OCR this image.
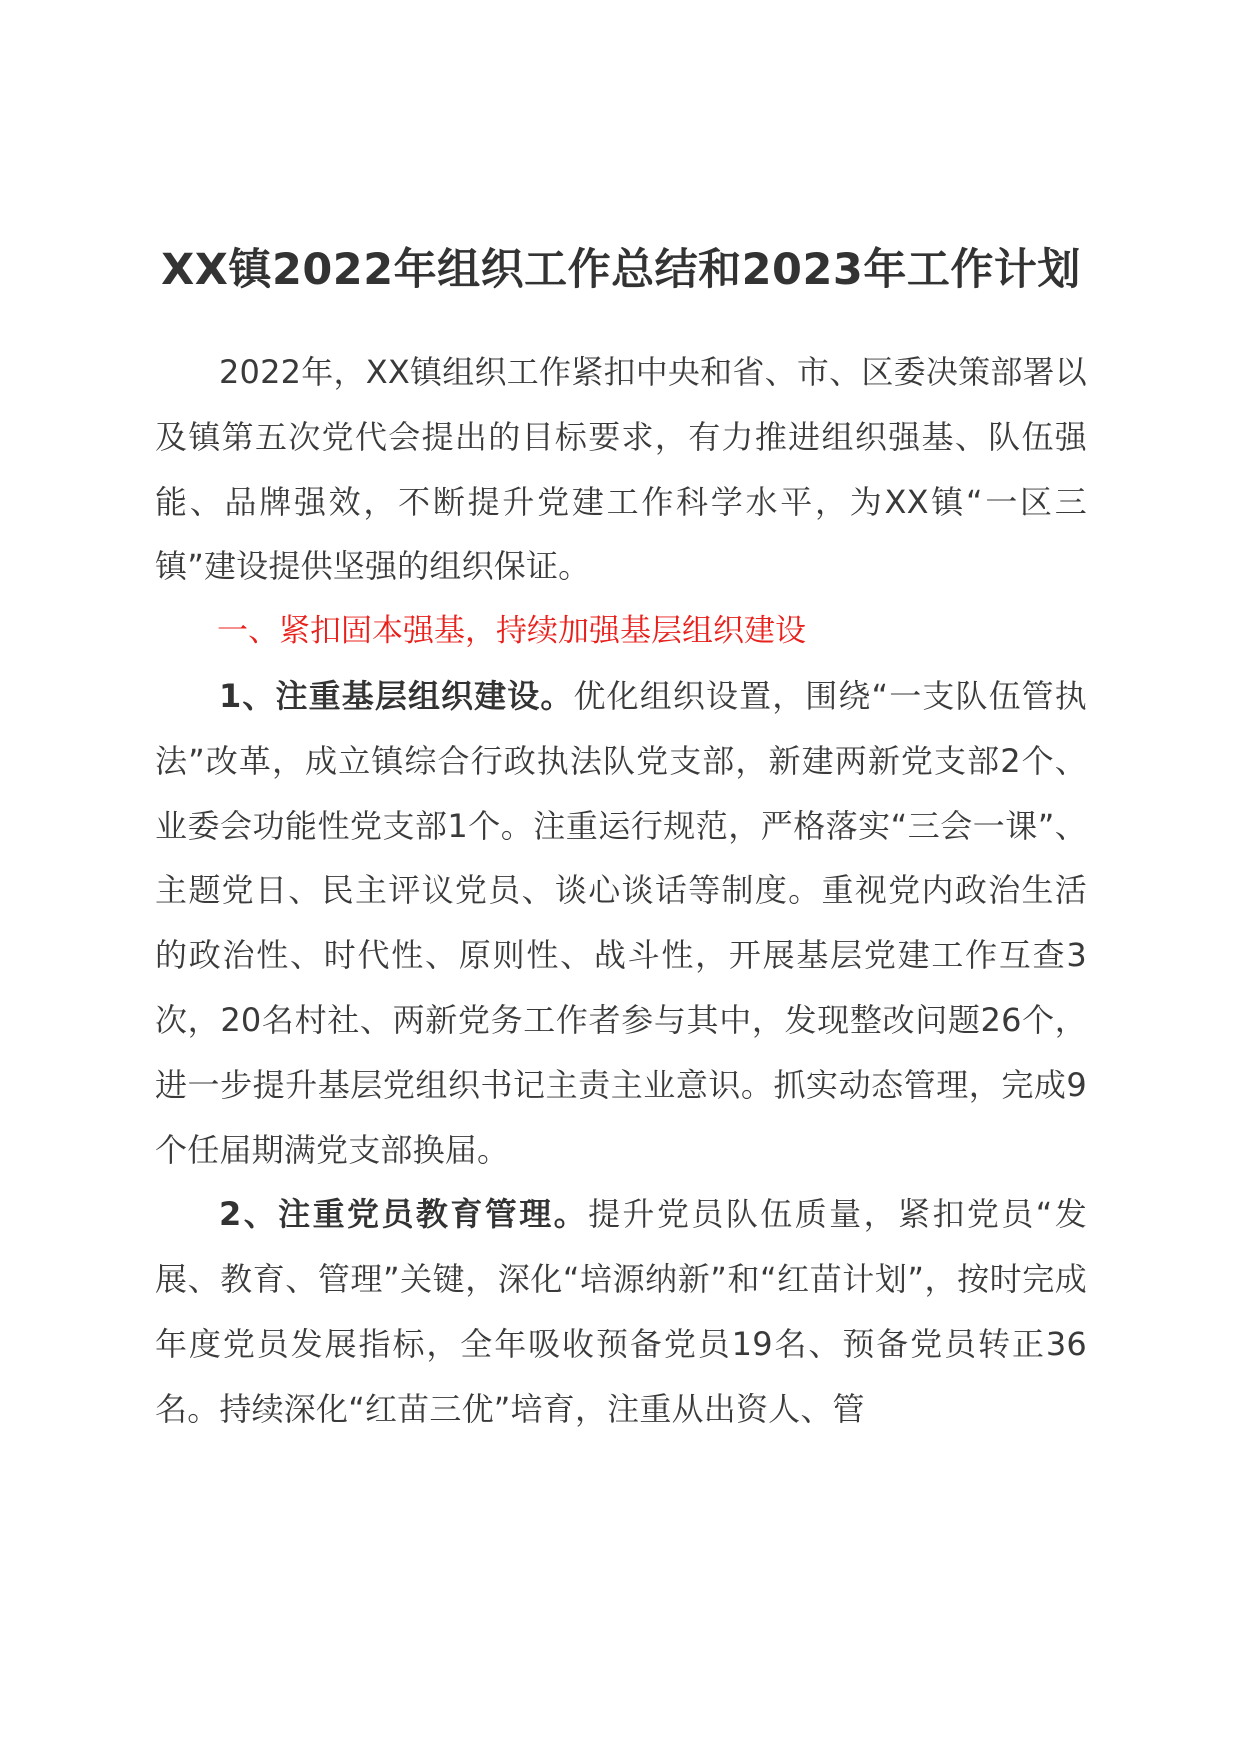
XX镇2022年组织工作总结和2023年工作计划

2022年，XX镇组织工作紧扣中央和省、市、区委决策部署以及镇第五次党代会提出的目标要求，有力推进组织强基、队伍强能、品牌强效，不断提升党建工作科学水平，为XX镇“一区三镇”建设提供坚强的组织保证。

一、紧扣固本强基，持续加强基层组织建设

1、注重基层组织建设。优化组织设置，围绕“一支队伍管执法”改革，成立镇综合行政执法队党支部，新建两新党支部2个、业委会功能性党支部1个。注重运行规范，严格落实“三会一课”、主题党日、民主评议党员、谈心谈话等制度。重视党内政治生活的政治性、时代性、原则性、战斗性，开展基层党建工作互查3次，20名村社、两新党务工作者参与其中，发现整改问题26个，进一步提升基层党组织书记主责主业意识。抓实动态管理，完成9个任届期满党支部换届。

2、注重党员教育管理。提升党员队伍质量，紧扣党员“发展、教育、管理”关键，深化“培源纳新”和“红苗计划”，按时完成年度党员发展指标，全年吸收预备党员19名、预备党员转正36名。持续深化“红苗三优”培育，注重从出资人、管
